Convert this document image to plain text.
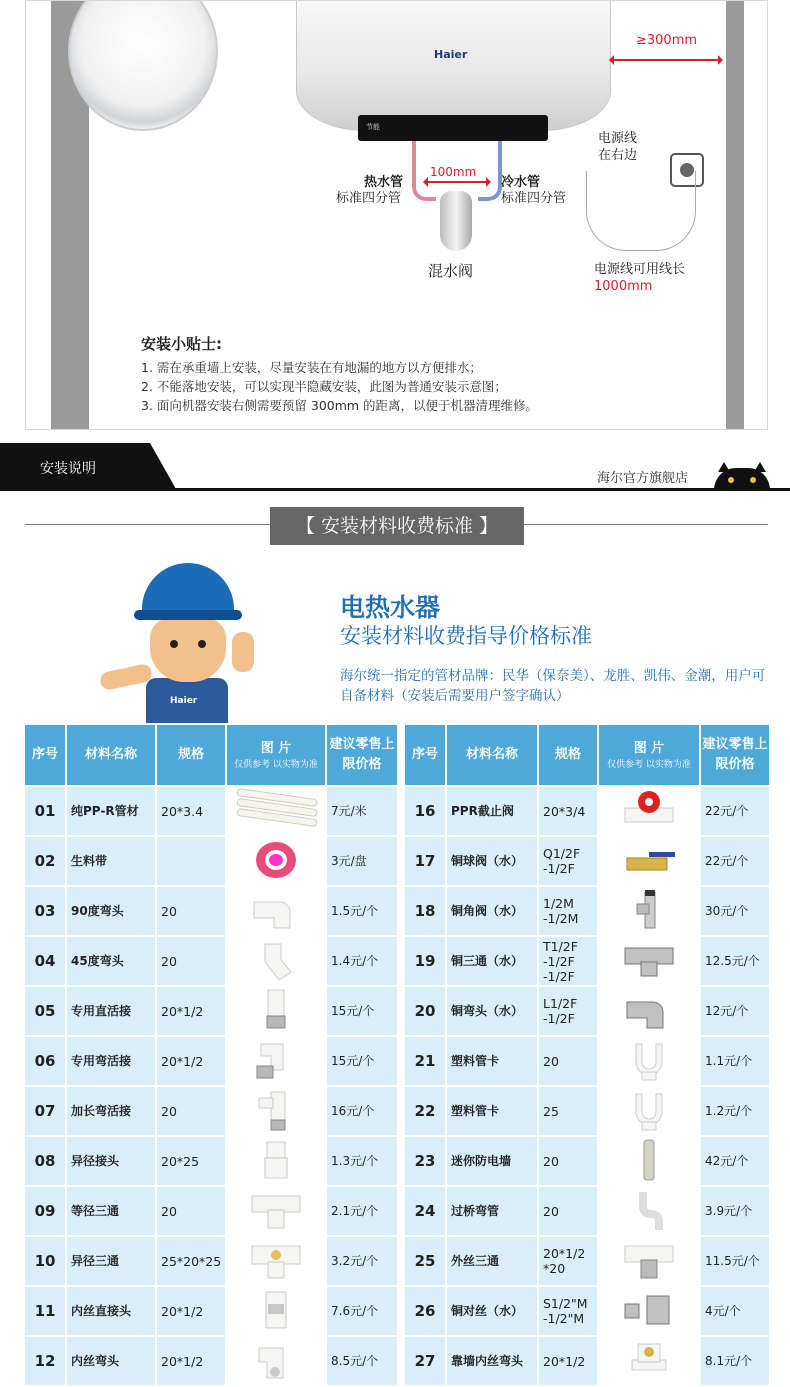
Haier
节能
≥300mm
100mm
热水管
标准四分管
冷水管
标准四分管
混水阀
电源线
在右边
电源线可用线长
1000mm
安装小贴士:
1. 需在承重墙上安装，尽量安装在有地漏的地方以方便排水；
2. 不能落地安装，可以实现半隐藏安装，此图为普通安装示意图；
3. 面向机器安装右侧需要预留 300mm 的距离，以便于机器清理维修。
安装说明
海尔官方旗舰店
【 安装材料收费标准 】
Haier
电热水器
安装材料收费指导价格标准
海尔统一指定的管材品牌：民华（保奈美）、龙胜、凯伟、金潮，用户可自备材料（安装后需要用户签字确认）
序号	材料名称	规格	图 片
仅供参考 以实物为准	建议零售上限价格
01	纯PP-R管材	20*3.4		7元/米
02	生料带			3元/盘
03	90度弯头	20		1.5元/个
04	45度弯头	20		1.4元/个
05	专用直活接	20*1/2		15元/个
06	专用弯活接	20*1/2		15元/个
07	加长弯活接	20		16元/个
08	异径接头	20*25		1.3元/个
09	等径三通	20		2.1元/个
10	异径三通	25*20*25		3.2元/个
11	内丝直接头	20*1/2		7.6元/个
12	内丝弯头	20*1/2		8.5元/个
序号	材料名称	规格	图 片
仅供参考 以实物为准	建议零售上限价格
16	PPR截止阀	20*3/4		22元/个
17	铜球阀（水）	Q1/2F -1/2F		22元/个
18	铜角阀（水）	1/2M -1/2M		30元/个
19	铜三通（水）	T1/2F -1/2F -1/2F		12.5元/个
20	铜弯头（水）	L1/2F -1/2F		12元/个
21	塑料管卡	20		1.1元/个
22	塑料管卡	25		1.2元/个
23	迷你防电墙	20		42元/个
24	过桥弯管	20		3.9元/个
25	外丝三通	20*1/2 *20		11.5元/个
26	铜对丝（水）	S1/2"M -1/2"M		4元/个
27	靠墙内丝弯头	20*1/2		8.1元/个
